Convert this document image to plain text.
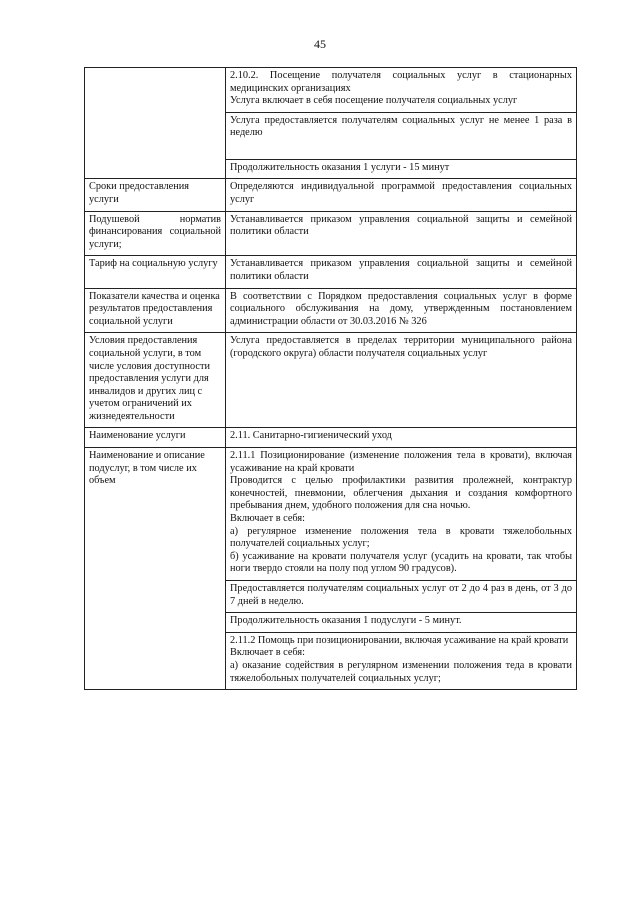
45

	2.10.2. Посещение получателя социальных услуг в стационарных медицинских организациях
Услуга включает в себя посещение получателя социальных услуг

	Услуга предоставляется получателям социальных услуг не менее 1 раза в неделю
	Продолжительность оказания 1 услуги - 15 минут
Сроки предоставления услуги	Определяются индивидуальной программой предоставления социальных услуг
Подушевой норматив финансирования социальной услуги;	Устанавливается приказом управления социальной защиты и семейной политики области
Тариф на социальную услугу	Устанавливается приказом управления социальной защиты и семейной политики области
Показатели качества и оценка результатов предоставления социальной услуги	В соответствии с Порядком предоставления социальных услуг в форме социального обслуживания на дому, утвержденным постановлением администрации области от 30.03.2016 № 326
Условия предоставления социальной услуги, в том числе условия доступности предоставления услуги для инвалидов и других лиц с учетом ограничений их жизнедеятельности	Услуга предоставляется в пределах территории муниципального района (городского округа) области получателя социальных услуг
Наименование услуги	2.11. Санитарно-гигиенический уход
Наименование и описание подуслуг, в том числе их объем	2.11.1 Позиционирование (изменение положения тела в кровати), включая усаживание на край кровати
Проводится с целью профилактики развития пролежней, контрактур конечностей, пневмонии, облегчения дыхания и создания комфортного пребывания днем, удобного положения для сна ночью.
Включает в себя:
а) регулярное изменение положения тела в кровати тяжелобольных получателей социальных услуг;
б) усаживание на кровати получателя услуг (усадить на кровати, так чтобы ноги твердо стояли на полу под углом 90 градусов).

	Предоставляется получателям социальных услуг от 2 до 4 раз в день, от 3 до 7 дней в неделю.
	Продолжительность оказания 1 подуслуги - 5 минут.

	2.11.2 Помощь при позиционировании, включая усаживание на край кровати
Включает в себя:
а) оказание содействия в регулярном изменении положения теда в кровати тяжелобольных получателей социальных услуг;
